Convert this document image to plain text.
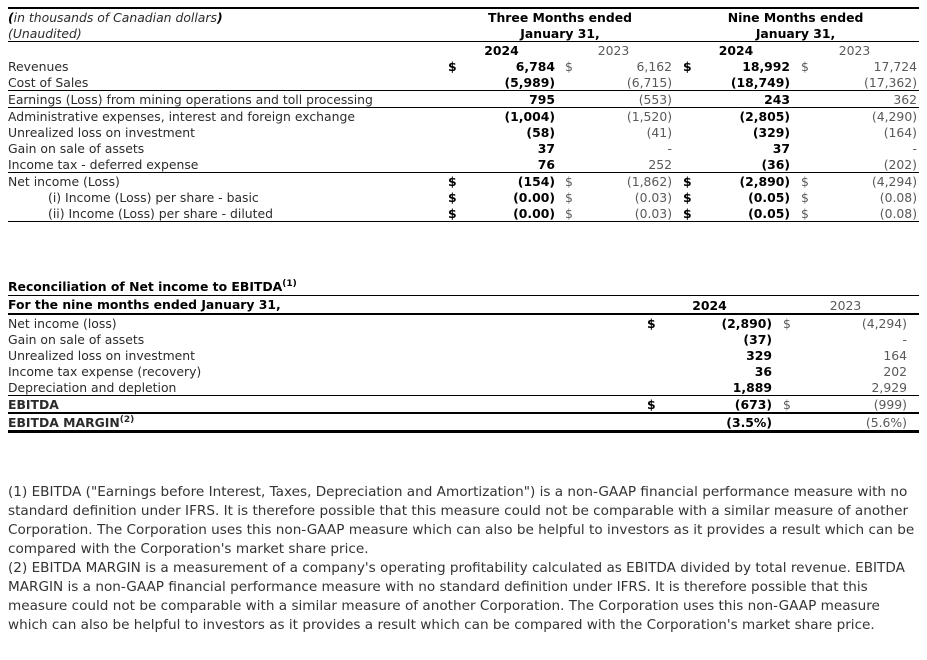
(in thousands of Canadian dollars)	Three Months ended				Nine Months ended			
(Unaudited)	January 31,				January 31,			
	2024		2023		2024		2023	
Revenues	$	6,784	$	6,162	$	18,992	$	17,724
Cost of Sales		(5,989)		(6,715)		(18,749)		(17,362)
Earnings (Loss) from mining operations and toll processing		795		(553)		243		362
Administrative expenses, interest and foreign exchange		(1,004)		(1,520)		(2,805)		(4,290)
Unrealized loss on investment		(58)		(41)		(329)		(164)
Gain on sale of assets		37		-		37		-
Income tax - deferred expense		76		252		(36)		(202)
Net income (Loss)	$	(154)	$	(1,862)	$	(2,890)	$	(4,294)
(i) Income (Loss) per share - basic	$	(0.00)	$	(0.03)	$	(0.05)	$	(0.08)
(ii) Income (Loss) per share - diluted	$	(0.00)	$	(0.03)	$	(0.05)	$	(0.08)
Reconciliation of Net income to EBITDA$^{(1)}$
For the nine months ended January 31,	2024		2023	
Net income (loss)	$	(2,890)	$	(4,294)
Gain on sale of assets		(37)		-
Unrealized loss on investment		329		164
Income tax expense (recovery)		36		202
Depreciation and depletion		1,889		2,929
EBITDA	$	(673)	$	(999)
EBITDA MARGIN$^{(2)}$		(3.5%)		(5.6%)

(1) EBITDA ("Earnings before Interest, Taxes, Depreciation and Amortization") is a non-GAAP financial performance measure with no standard definition under IFRS. It is therefore possible that this measure could not be comparable with a similar measure of another Corporation. The Corporation uses this non-GAAP measure which can also be helpful to investors as it provides a result which can be compared with the Corporation's market share price.

(2) EBITDA MARGIN is a measurement of a company's operating profitability calculated as EBITDA divided by total revenue. EBITDA MARGIN is a non-GAAP financial performance measure with no standard definition under IFRS. It is therefore possible that this measure could not be comparable with a similar measure of another Corporation. The Corporation uses this non-GAAP measure which can also be helpful to investors as it provides a result which can be compared with the Corporation's market share price.
